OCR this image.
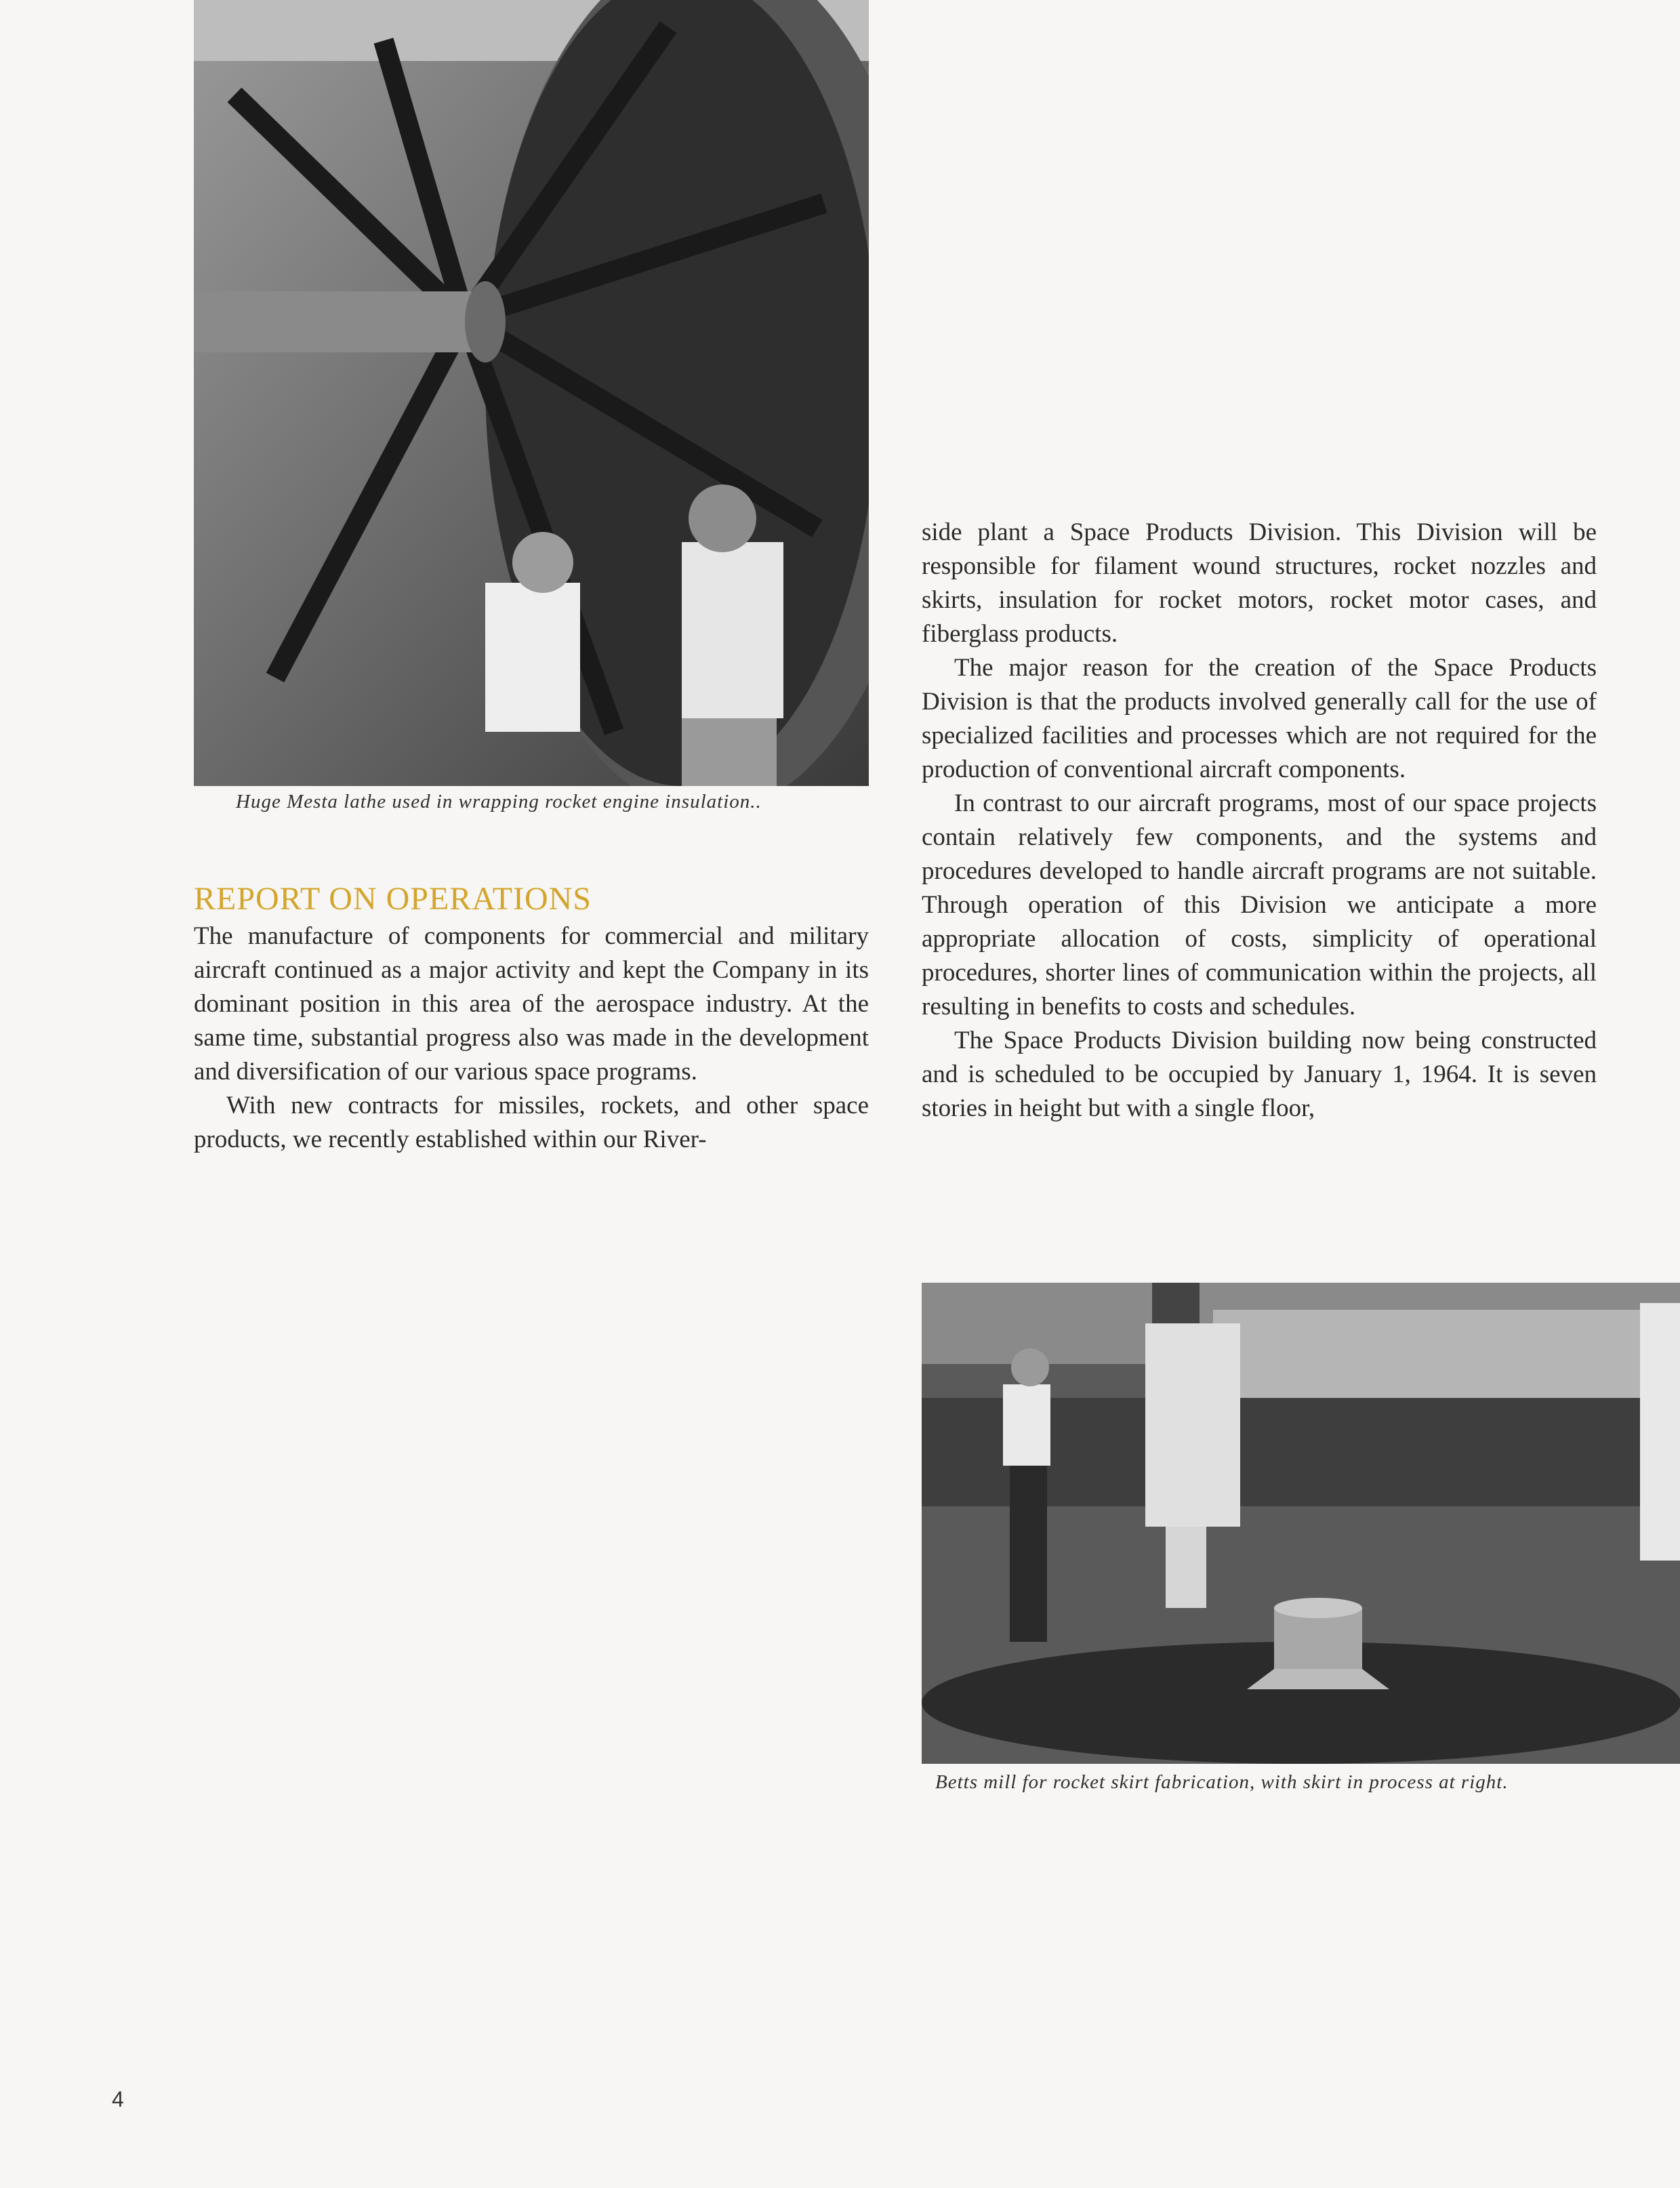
Huge Mesta lathe used in wrapping rocket engine insulation..
REPORT ON OPERATIONS

The manufacture of components for commercial and military aircraft continued as a major activity and kept the Company in its dominant position in this area of the aerospace industry. At the same time, substantial progress also was made in the development and diversification of our various space programs.

With new contracts for missiles, rockets, and other space products, we recently established within our River-

side plant a Space Products Division. This Division will be responsible for filament wound structures, rocket nozzles and skirts, insulation for rocket motors, rocket motor cases, and fiberglass products.

The major reason for the creation of the Space Products Division is that the products involved generally call for the use of specialized facilities and processes which are not required for the production of conventional aircraft components.

In contrast to our aircraft programs, most of our space projects contain relatively few components, and the systems and procedures developed to handle aircraft programs are not suitable. Through operation of this Division we anticipate a more appropriate allocation of costs, simplicity of operational procedures, shorter lines of communication within the projects, all resulting in benefits to costs and schedules.

The Space Products Division building now being constructed and is scheduled to be occupied by January 1, 1964. It is seven stories in height but with a single floor,

Betts mill for rocket skirt fabrication, with skirt in process at right.
4
